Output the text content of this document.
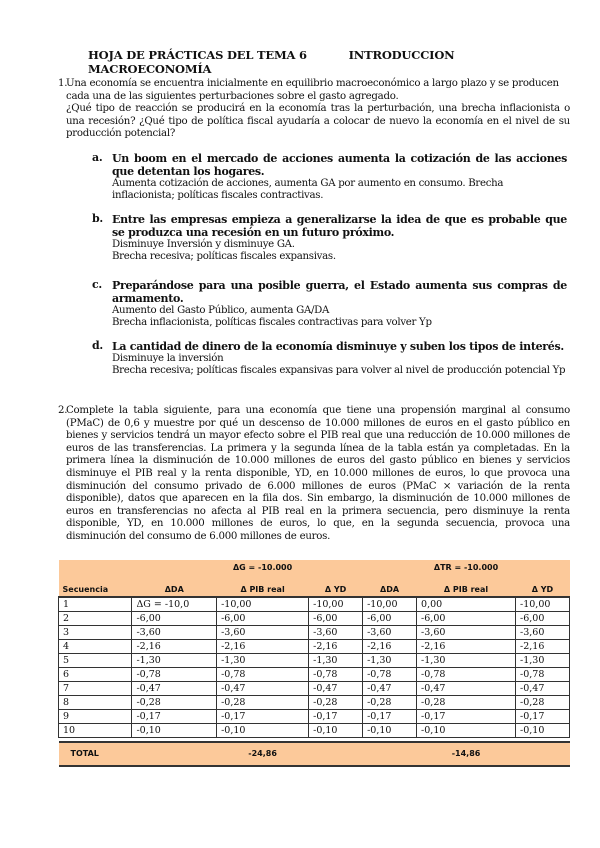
HOJA DE PRÁCTICAS DEL TEMA 6	INTRODUCCION MACROECONOMÍA
1.
Una economía se encuentra inicialmente en equilibrio macroeconómico a largo plazo y se producen cada una de las siguientes perturbaciones sobre el gasto agregado.
¿Qué tipo de reacción se producirá en la economía tras la perturbación, una brecha inflacionista o una recesión? ¿Qué tipo de política fiscal ayudaría a colocar de nuevo la economía en el nivel de su producción potencial?
a. Un boom en el mercado de acciones aumenta la cotización de las acciones que detentan los hogares.
Aumenta cotización de acciones, aumenta GA por aumento en consumo. Brecha inflacionista; políticas fiscales contractivas.
b. Entre las empresas empieza a generalizarse la idea de que es probable que se produzca una recesión en un futuro próximo.
Disminuye Inversión y disminuye GA.
Brecha recesiva; políticas fiscales expansivas.
c. Preparándose para una posible guerra, el Estado aumenta sus compras de armamento.
Aumento del Gasto Público, aumenta GA/DA
Brecha inflacionista, políticas fiscales contractivas para volver Yp
d. La cantidad de dinero de la economía disminuye y suben los tipos de interés.
Disminuye la inversión
Brecha recesiva; políticas fiscales expansivas para volver al nivel de producción potencial Yp
2.
Complete la tabla siguiente, para una economía que tiene una propensión marginal al consumo (PMaC) de 0,6 y muestre por qué un descenso de 10.000 millones de euros en el gasto público en bienes y servicios tendrá un mayor efecto sobre el PIB real que una reducción de 10.000 millones de euros de las transferencias. La primera y la segunda línea de la tabla están ya completadas. En la primera línea la disminución de 10.000 millones de euros del gasto público en bienes y servicios disminuye el PIB real y la renta disponible, YD, en 10.000 millones de euros, lo que provoca una disminución del consumo privado de 6.000 millones de euros (PMaC × variación de la renta disponible), datos que aparecen en la fila dos. Sin embargo, la disminución de 10.000 millones de euros en transferencias no afecta al PIB real en la primera secuencia, pero disminuye la renta disponible, YD, en 10.000 millones de euros, lo que, en la segunda secuencia, provoca una disminución del consumo de 6.000 millones de euros.
		ΔG = -10.000			ΔTR = -10.000	
Secuencia	ΔDA	Δ PIB real	Δ YD	ΔDA	Δ PIB real	Δ YD
1	ΔG = -10,0	-10,00	-10,00	-10,00	0,00	-10,00
2	-6,00	-6,00	-6,00	-6,00	-6,00	-6,00
3	-3,60	-3,60	-3,60	-3,60	-3,60	-3,60
4	-2,16	-2,16	-2,16	-2,16	-2,16	-2,16
5	-1,30	-1,30	-1,30	-1,30	-1,30	-1,30
6	-0,78	-0,78	-0,78	-0,78	-0,78	-0,78
7	-0,47	-0,47	-0,47	-0,47	-0,47	-0,47
8	-0,28	-0,28	-0,28	-0,28	-0,28	-0,28
9	-0,17	-0,17	-0,17	-0,17	-0,17	-0,17
10	-0,10	-0,10	-0,10	-0,10	-0,10	-0,10

TOTAL		-24,86			-14,86	
